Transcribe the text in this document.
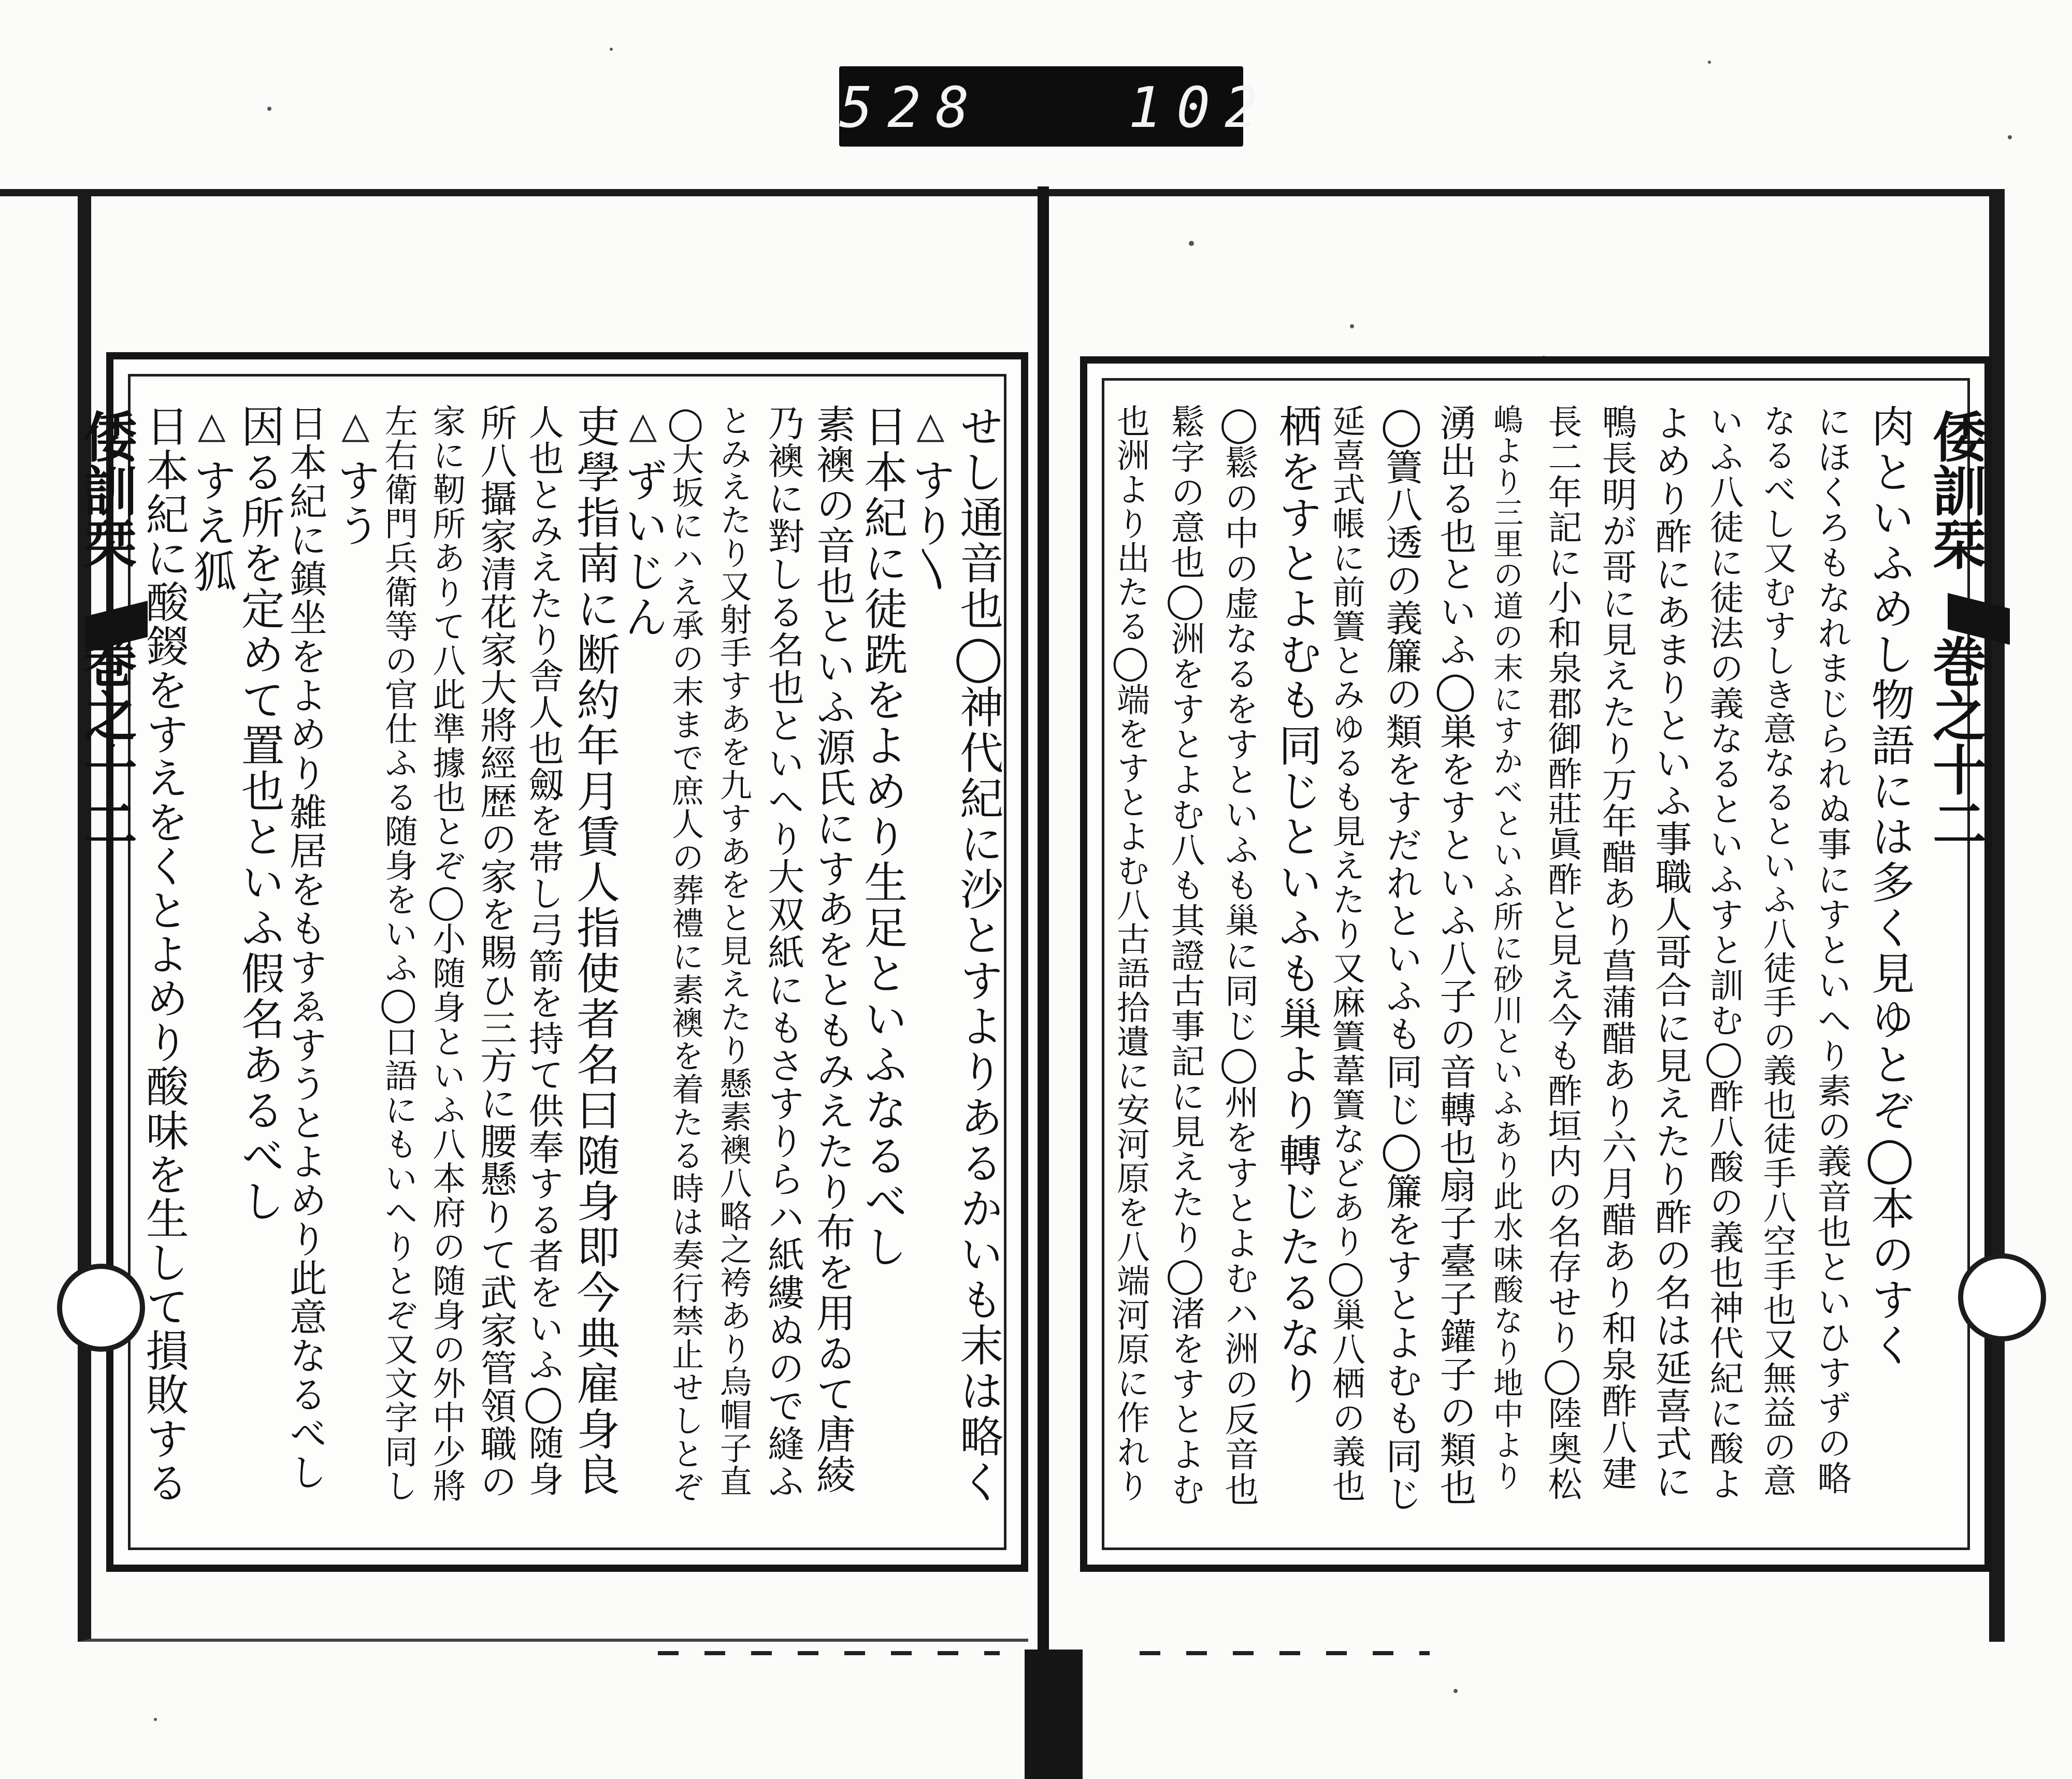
528   102
倭訓栞 巻之十二	倭訓栞 巻之十二
せし通音也◯神代紀に沙とすよりあるかいも末は略く
△すり〵
日本紀に徒跣をよめり生足といふなるべし
素襖の音也といふ源氏にすあをともみえたり布を用ゐて唐綾
乃襖に對しる名也といへり大双紙にもさすりらハ紙縷ぬので縫ふ
とみえたり又射手すあを九すあをと見えたり懸素襖八略之袴あり烏帽子直
◯大坂にハえ承の末まで庶人の葬禮に素襖を着たる時は奏行禁止せしとぞ
△ずいじん
吏學指南に断約年月賃人指使者名曰随身即今典雇身良
人也とみえたり舎人也劔を帯し弓箭を持て供奉する者をいふ◯随身
所八攝家清花家大將經歴の家を賜ひ三方に腰懸りて武家管領職の
家に靭所ありて八此準據也とぞ◯小随身といふ八本府の随身の外中少將
左右衛門兵衛等の官仕ふる随身をいふ◯口語にもいへりとぞ又文字同し
△すう
日本紀に鎮坐をよめり雑居をもすゑすうとよめり此意なるべし
因る所を定めて置也といふ假名あるべし
△すえ狐
日本紀に酸鍐をすえをくとよめり酸味を生して損敗する	肉といふめし物語には多く見ゆとぞ◯本のすく
にほくろもなれまじられぬ事にすといへり素の義音也といひすずの略
なるべし又むすしき意なるといふ八徒手の義也徒手八空手也又無益の意
いふ八徒に徒法の義なるといふすと訓む◯酢八酸の義也神代紀に酸よ
よめり酢にあまりといふ事職人哥合に見えたり酢の名は延喜式に
鴨長明が哥に見えたり万年醋あり菖蒲醋あり六月醋あり和泉酢八建
長二年記に小和泉郡御酢莊眞酢と見え今も酢垣内の名存せり◯陸奥松
嶋より三里の道の末にすかべといふ所に砂川といふあり此水味酸なり地中より
湧出る也といふ◯巣をすといふ八子の音轉也扇子臺子鑵子の類也
◯簀八透の義簾の類をすだれといふも同じ◯簾をすとよむも同じ
延喜式帳に前簀とみゆるも見えたり又麻簀葦簀などあり◯巢八栖の義也
栖をすとよむも同じといふも巢より轉じたるなり
◯鬆の中の虚なるをすといふも巢に同じ◯州をすとよむハ洲の反音也
鬆字の意也◯洲をすとよむ八も其證古事記に見えたり◯渚をすとよむ
也洲より出たる◯端をすとよむ八古語拾遺に安河原を八端河原に作れり
